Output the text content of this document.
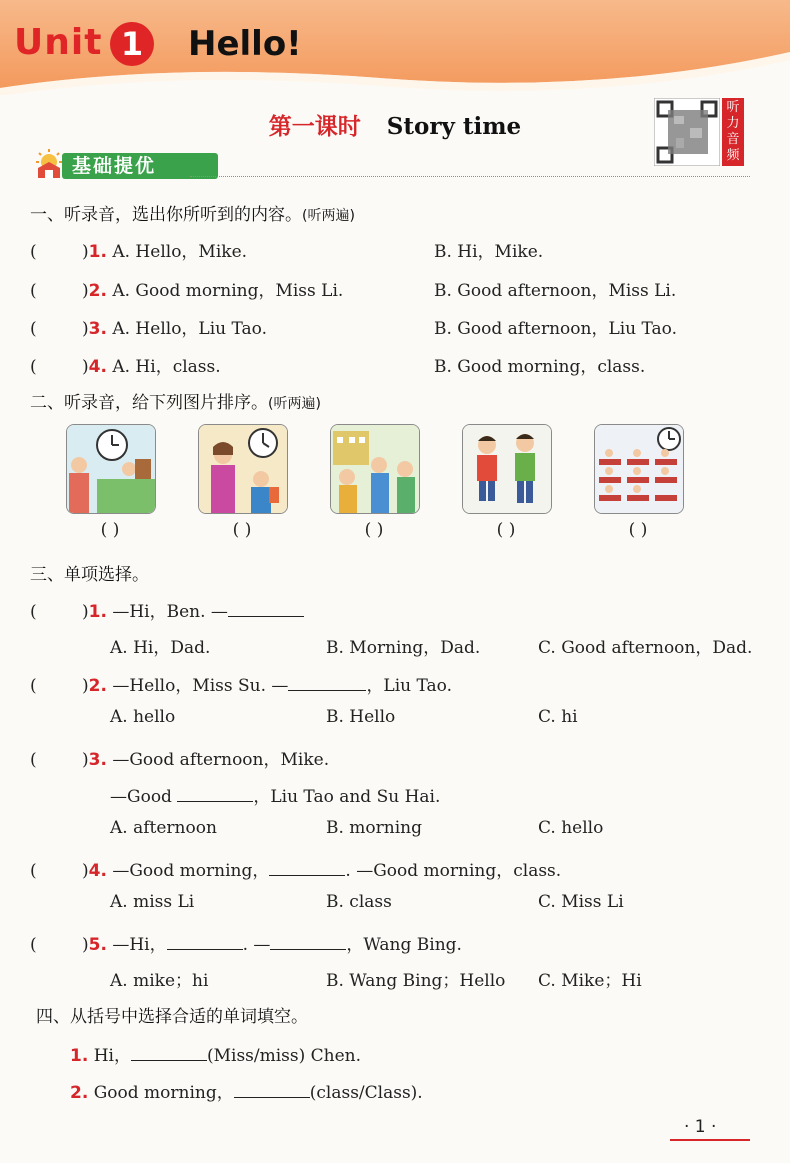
Unit 1	Hello!
第一课时 Story time
听力音频
基础提优
一、听录音，选出你所听到的内容。(听两遍)
(	)1. A. Hello，Mike.	B. Hi，Mike.
(	)2. A. Good morning，Miss Li.	B. Good afternoon，Miss Li.
(	)3. A. Hello，Liu Tao.	B. Good afternoon，Liu Tao.
(	)4. A. Hi，class.	B. Good morning，class.
二、听录音，给下列图片排序。(听两遍)
( )	( )	( )	( )	( )
三、单项选择。
(	)1. —Hi，Ben. —
A. Hi，Dad.	B. Morning，Dad.	C. Good afternoon，Dad.
(	)2. —Hello，Miss Su. —	，Liu Tao.
A. hello	B. Hello	C. hi
(	)3. —Good afternoon，Mike.
—Good	，Liu Tao and Su Hai.
A. afternoon	B. morning	C. hello
(	)4. —Good morning，	. —Good morning，class.
A. miss Li	B. class	C. Miss Li
(	)5. —Hi，	. —	，Wang Bing.
A. mike；hi	B. Wang Bing；Hello C. Mike；Hi
四、从括号中选择合适的单词填空。
1. Hi，	(Miss/miss) Chen.
2. Good morning，	(class/Class).
· 1 ·
